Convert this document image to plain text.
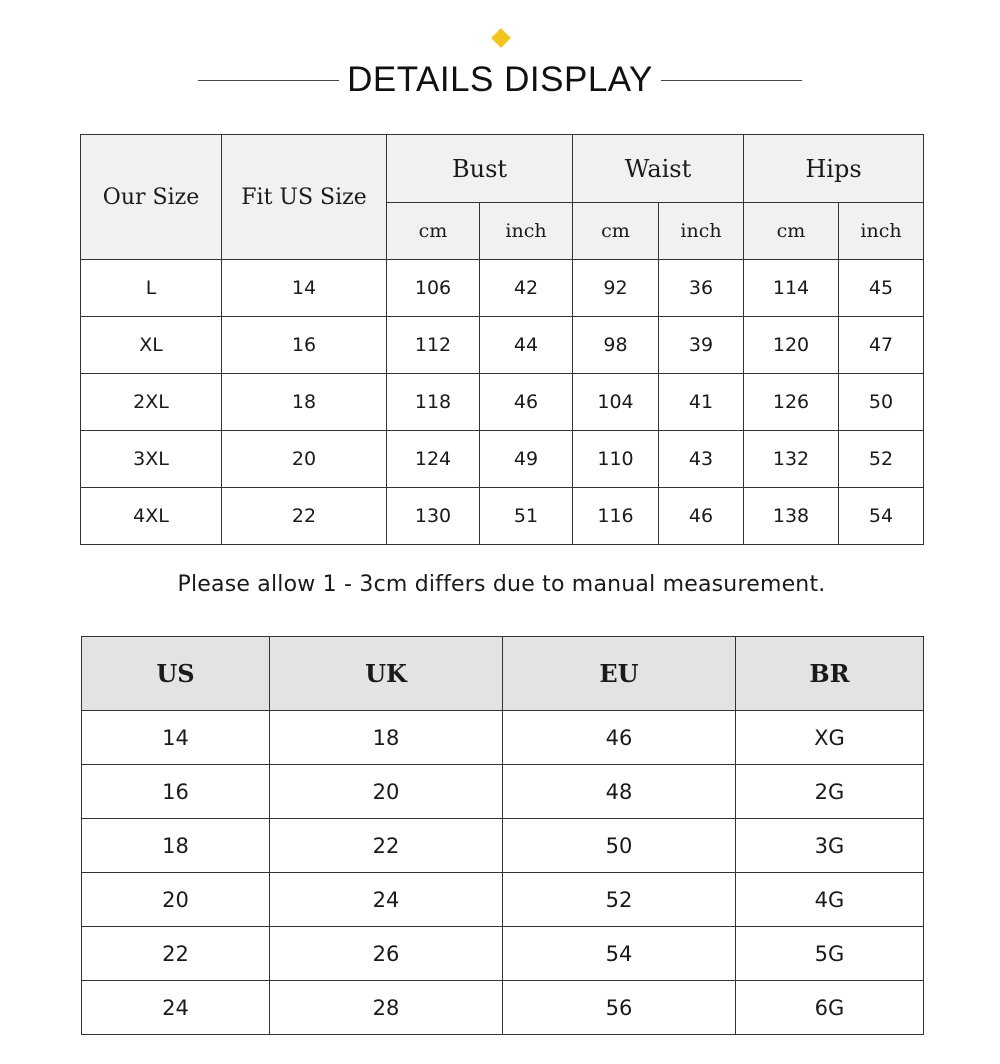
DETAILS DISPLAY
Our Size	Fit US Size	Bust		Waist		Hips	
		cm	inch	cm	inch	cm	inch
L	14	106	42	92	36	114	45
XL	16	112	44	98	39	120	47
2XL	18	118	46	104	41	126	50
3XL	20	124	49	110	43	132	52
4XL	22	130	51	116	46	138	54
Please allow 1 - 3cm differs due to manual measurement.
US	UK	EU	BR
14	18	46	XG
16	20	48	2G
18	22	50	3G
20	24	52	4G
22	26	54	5G
24	28	56	6G
